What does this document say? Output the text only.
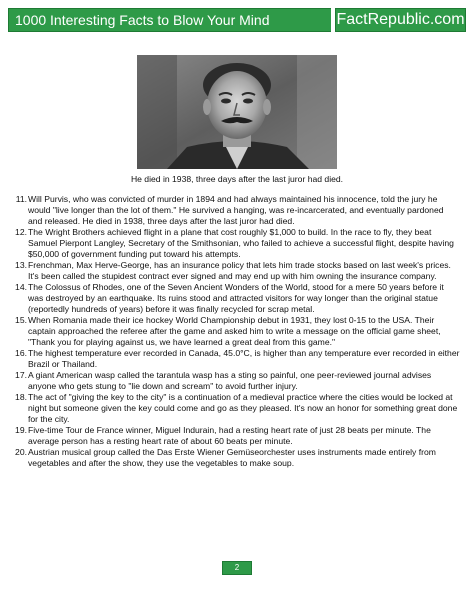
1000 Interesting Facts to Blow Your Mind	FactRepublic.com
He died in 1938, three days after the last juror had died.
11. Will Purvis, who was convicted of murder in 1894 and had always maintained his innocence, told the jury he would "live longer than the lot of them." He survived a hanging, was re-incarcerated, and eventually pardoned and released. He died in 1938, three days after the last juror had died.
12. The Wright Brothers achieved flight in a plane that cost roughly $1,000 to build. In the race to fly, they beat Samuel Pierpont Langley, Secretary of the Smithsonian, who failed to achieve a successful flight, despite having $50,000 of government funding put toward his attempts.
13. Frenchman, Max Herve-George, has an insurance policy that lets him trade stocks based on last week's prices. It's been called the stupidest contract ever signed and may end up with him owning the insurance company.
14. The Colossus of Rhodes, one of the Seven Ancient Wonders of the World, stood for a mere 50 years before it was destroyed by an earthquake. Its ruins stood and attracted visitors for way longer than the original statue (reportedly hundreds of years) before it was finally recycled for scrap metal.
15. When Romania made their ice hockey World Championship debut in 1931, they lost 0-15 to the USA. Their captain approached the referee after the game and asked him to write a message on the official game sheet, "Thank you for playing against us, we have learned a great deal from this game."
16. The highest temperature ever recorded in Canada, 45.0°C, is higher than any temperature ever recorded in either Brazil or Thailand.
17. A giant American wasp called the tarantula wasp has a sting so painful, one peer-reviewed journal advises anyone who gets stung to "lie down and scream" to avoid further injury.
18. The act of "giving the key to the city" is a continuation of a medieval practice where the cities would be locked at night but someone given the key could come and go as they pleased. It's now an honor for something great done for the city.
19. Five-time Tour de France winner, Miguel Indurain, had a resting heart rate of just 28 beats per minute. The average person has a resting heart rate of about 60 beats per minute.
20. Austrian musical group called the Das Erste Wiener Gemüseorchester uses instruments made entirely from vegetables and after the show, they use the vegetables to make soup.
2
